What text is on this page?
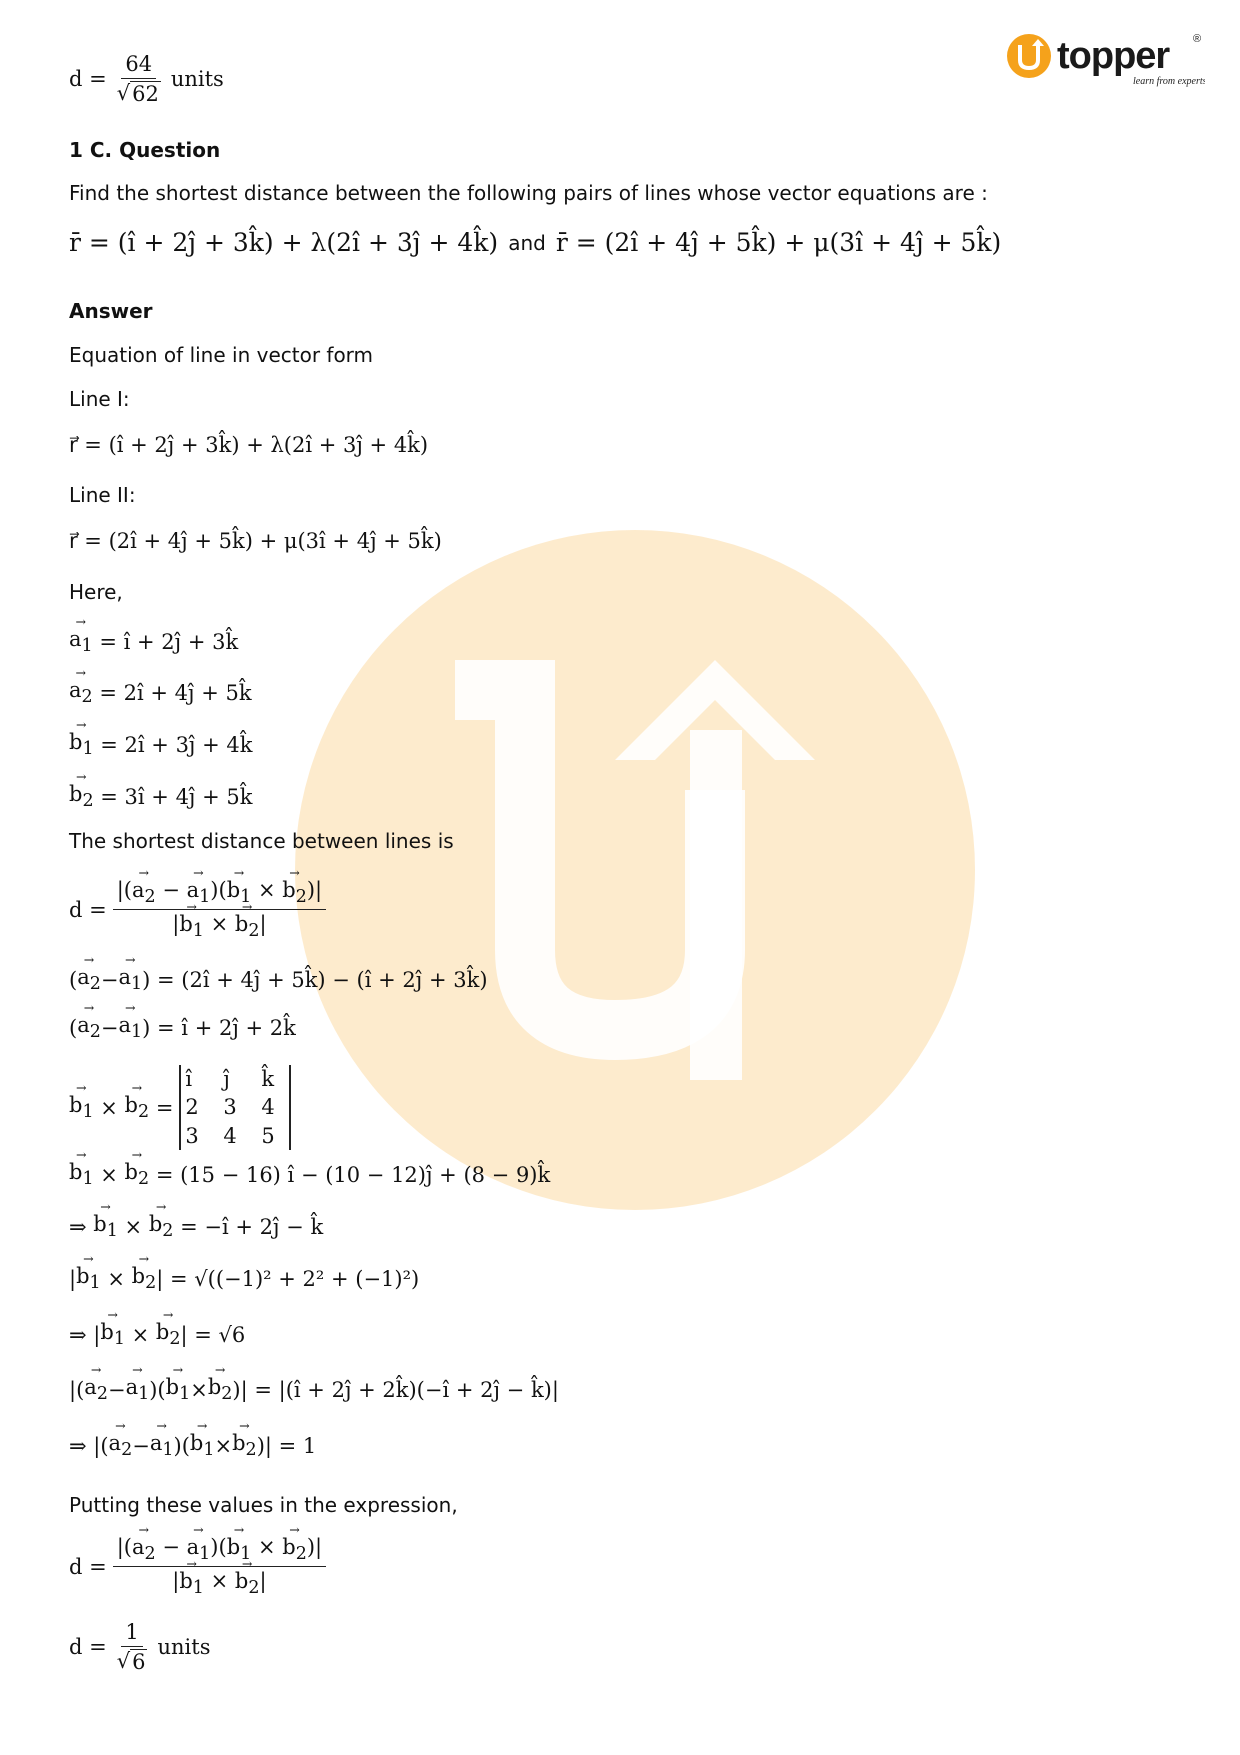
topper ®
learn from experts
$d = \frac{64}{√ 62}$ units
1 C. Question
Find the shortest distance between the following pairs of lines whose vector equations are :
r̄ = (î + 2ĵ + 3k̂) + λ(2î + 3ĵ + 4k̂) and r̄ = (2î + 4ĵ + 5k̂) + μ(3î + 4ĵ + 5k̂)
Answer
Equation of line in vector form
Line I:
r⃗ = (î + 2ĵ + 3k̂) + λ(2î + 3ĵ + 4k̂)
Line II:
r⃗ = (2î + 4ĵ + 5k̂) + μ(3î + 4ĵ + 5k̂)
Here,
→ $a_1$
= î + 2ĵ + 3k̂
→ $a_2$
= 2î + 4ĵ + 5k̂
→ $b_1$
= 2î + 3ĵ + 4k̂
→ $b_2$
= 3î + 4ĵ + 5k̂
The shortest distance between lines is
$d = \frac{|(\to a_2 - \to a_1)(\to b_1 \times \to b_2)|}{|\to b_1 \times \to b_2|}$
( → $a_2$ − → $a_1$ ) = (2î + 4ĵ + 5k̂) − (î + 2ĵ + 3k̂)
( → $a_2$ − → $a_1$ ) = î + 2ĵ + 2k̂
→ $b_1$ × → $b_2$ =
î	ĵ	k̂
2	3	4
3	4	5
→ $b_1$ × → $b_2$
= (15 − 16) î − (10 − 12)ĵ + (8 − 9)k̂
⇒ → $b_1$ × → $b_2$
= −î + 2ĵ − k̂
| → $b_1$ × → $b_2$ | = √((−1)² + 2² + (−1)²)
⇒ | → $b_1$ × → $b_2$ | = √6
|( → $a_2$ − → $a_1$ )( → $b_1$ × → $b_2$ )| = |(î + 2ĵ + 2k̂)(−î + 2ĵ − k̂)|
⇒ |( → $a_2$ − → $a_1$ )( → $b_1$ × → $b_2$ )| = 1
Putting these values in the expression,
$d = \frac{|(\to a_2 - \to a_1)(\to b_1 \times \to b_2)|}{|\to b_1 \times \to b_2|}$
$d = \frac{1}{√ 6}$ units
